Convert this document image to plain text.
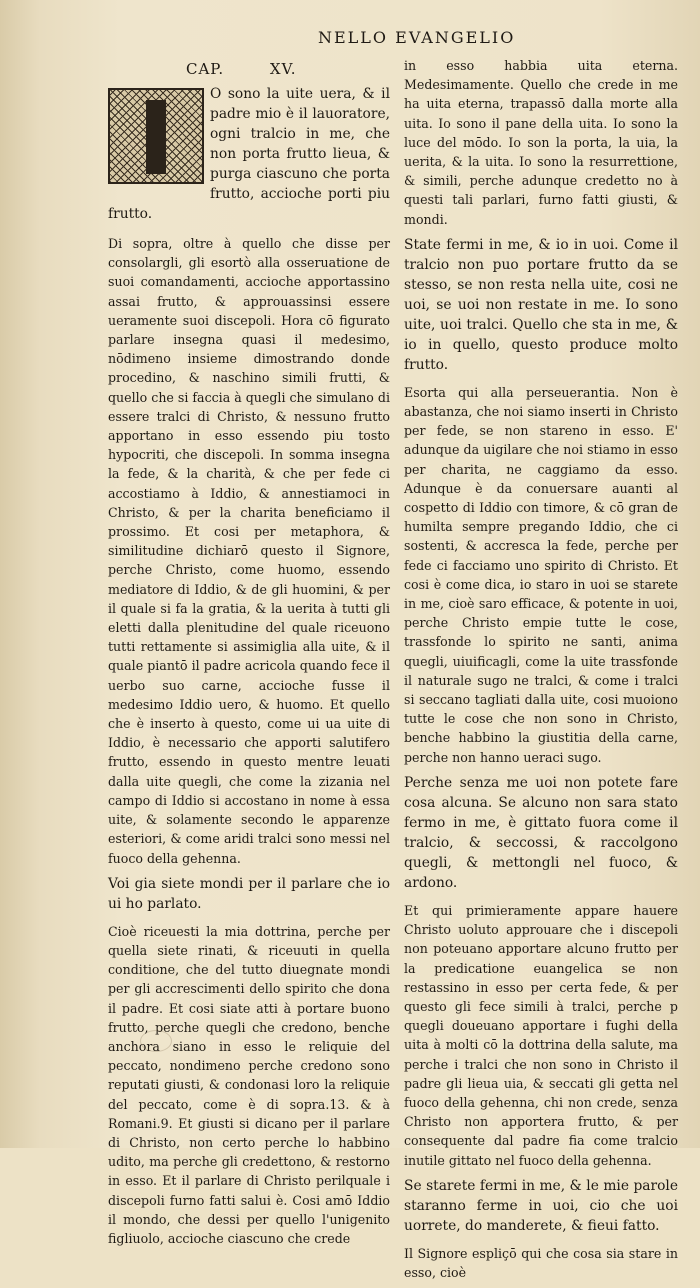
NELLO EVANGELIO
CAP.	XV.

O sono la uite uera, & il padre mio è il lauoratore, ogni tralcio in me, che non porta frutto lieua, & purga ciascuno che porta frutto, accioche porti piu frutto.

Di sopra, oltre à quello che disse per consolargli, gli esortò alla osseruatione de suoi comandamenti, accioche apportassino assai frutto, & approuassinsi essere ueramente suoi discepoli. Hora cō figurato parlare insegna quasi il medesimo, nōdimeno insieme dimostrando donde procedino, & naschino simili frutti, & quello che si faccia à quegli che simulano di essere tralci di Christo, & nessuno frutto apportano in esso essendo piu tosto hypocriti, che discepoli. In somma insegna la fede, & la charità, & che per fede ci accostiamo à Iddio, & annestiamoci in Christo, & per la charita beneficiamo il prossimo. Et cosi per metaphora, & similitudine dichiarō questo il Signore, perche Christo, come huomo, essendo mediatore di Iddio, & de gli huomini, & per il quale si fa la gratia, & la uerita à tutti gli eletti dalla plenitudine del quale riceuono tutti rettamente si assimiglia alla uite, & il quale piantō il padre acricola quando fece il uerbo suo carne, accioche fusse il medesimo Iddio uero, & huomo. Et quello che è inserto à questo, come ui ua uite di Iddio, è necessario che apporti salutifero frutto, essendo in questo mentre leuati dalla uite quegli, che come la zizania nel campo di Iddio si accostano in nome à essa uite, & solamente secondo le apparenze esteriori, & come aridi tralci sono messi nel fuoco della gehenna.

Voi gia siete mondi per il parlare che io ui ho parlato.

Cioè riceuesti la mia dottrina, perche per quella siete rinati, & riceuuti in quella conditione, che del tutto diuegnate mondi per gli accrescimenti dello spirito che dona il padre. Et cosi siate atti à portare buono frutto, perche quegli che credono, benche anchora siano in esso le reliquie del peccato, nondimeno perche credono sono reputati giusti, & condonasi loro la reliquie del peccato, come è di sopra.13. & à Romani.9. Et giusti si dicano per il parlare di Christo, non certo perche lo habbino udito, ma perche gli credettono, & restorno in esso. Et il parlare di Christo perilquale i discepoli furno fatti salui è. Cosi amō Iddio il mondo, che dessi per quello l'unigenito figliuolo, accioche ciascuno che crede

in esso habbia uita eterna. Medesimamente. Quello che crede in me ha uita eterna, trapassō dalla morte alla uita. Io sono il pane della uita. Io sono la luce del mōdo. Io son la porta, la uia, la uerita, & la uita. Io sono la resurrettione, & simili, perche adunque credetto no à questi tali parlari, furno fatti giusti, & mondi.

State fermi in me, & io in uoi. Come il tralcio non puo portare frutto da se stesso, se non resta nella uite, cosi ne uoi, se uoi non restate in me. Io sono uite, uoi tralci. Quello che sta in me, & io in quello, questo produce molto frutto.

Esorta qui alla perseuerantia. Non è abastanza, che noi siamo inserti in Christo per fede, se non stareno in esso. E' adunque da uigilare che noi stiamo in esso per charita, ne caggiamo da esso. Adunque è da conuersare auanti al cospetto di Iddio con timore, & cō gran de humilta sempre pregando Iddio, che ci sostenti, & accresca la fede, perche per fede ci facciamo uno spirito di Christo. Et cosi è come dica, io staro in uoi se starete in me, cioè saro efficace, & potente in uoi, perche Christo empie tutte le cose, trassfonde lo spirito ne santi, anima quegli, uiuificagli, come la uite trassfonde il naturale sugo ne tralci, & come i tralci si seccano tagliati dalla uite, cosi muoiono tutte le cose che non sono in Christo, benche habbino la giustitia della carne, perche non hanno ueraci sugo.

Perche senza me uoi non potete fare cosa alcuna. Se alcuno non sara stato fermo in me, è gittato fuora come il tralcio, & seccossi, & raccolgono quegli, & mettongli nel fuoco, & ardono.

Et qui primieramente appare hauere Christo uoluto approuare che i discepoli non poteuano apportare alcuno frutto per la predicatione euangelica se non restassino in esso per certa fede, & per questo gli fece simili à tralci, perche p quegli doueuano apportare i fughi della uita à molti cō la dottrina della salute, ma perche i tralci che non sono in Christo il padre gli lieua uia, & seccati gli getta nel fuoco della gehenna, chi non crede, senza Christo non apportera frutto, & per consequente dal padre fia come tralcio inutile gittato nel fuoco della gehenna.

Se starete fermi in me, & le mie parole staranno ferme in uoi, cio che uoi uorrete, do manderete, & fieui fatto.

Il Signore espliçō qui che cosa sia stare in esso, cioè
